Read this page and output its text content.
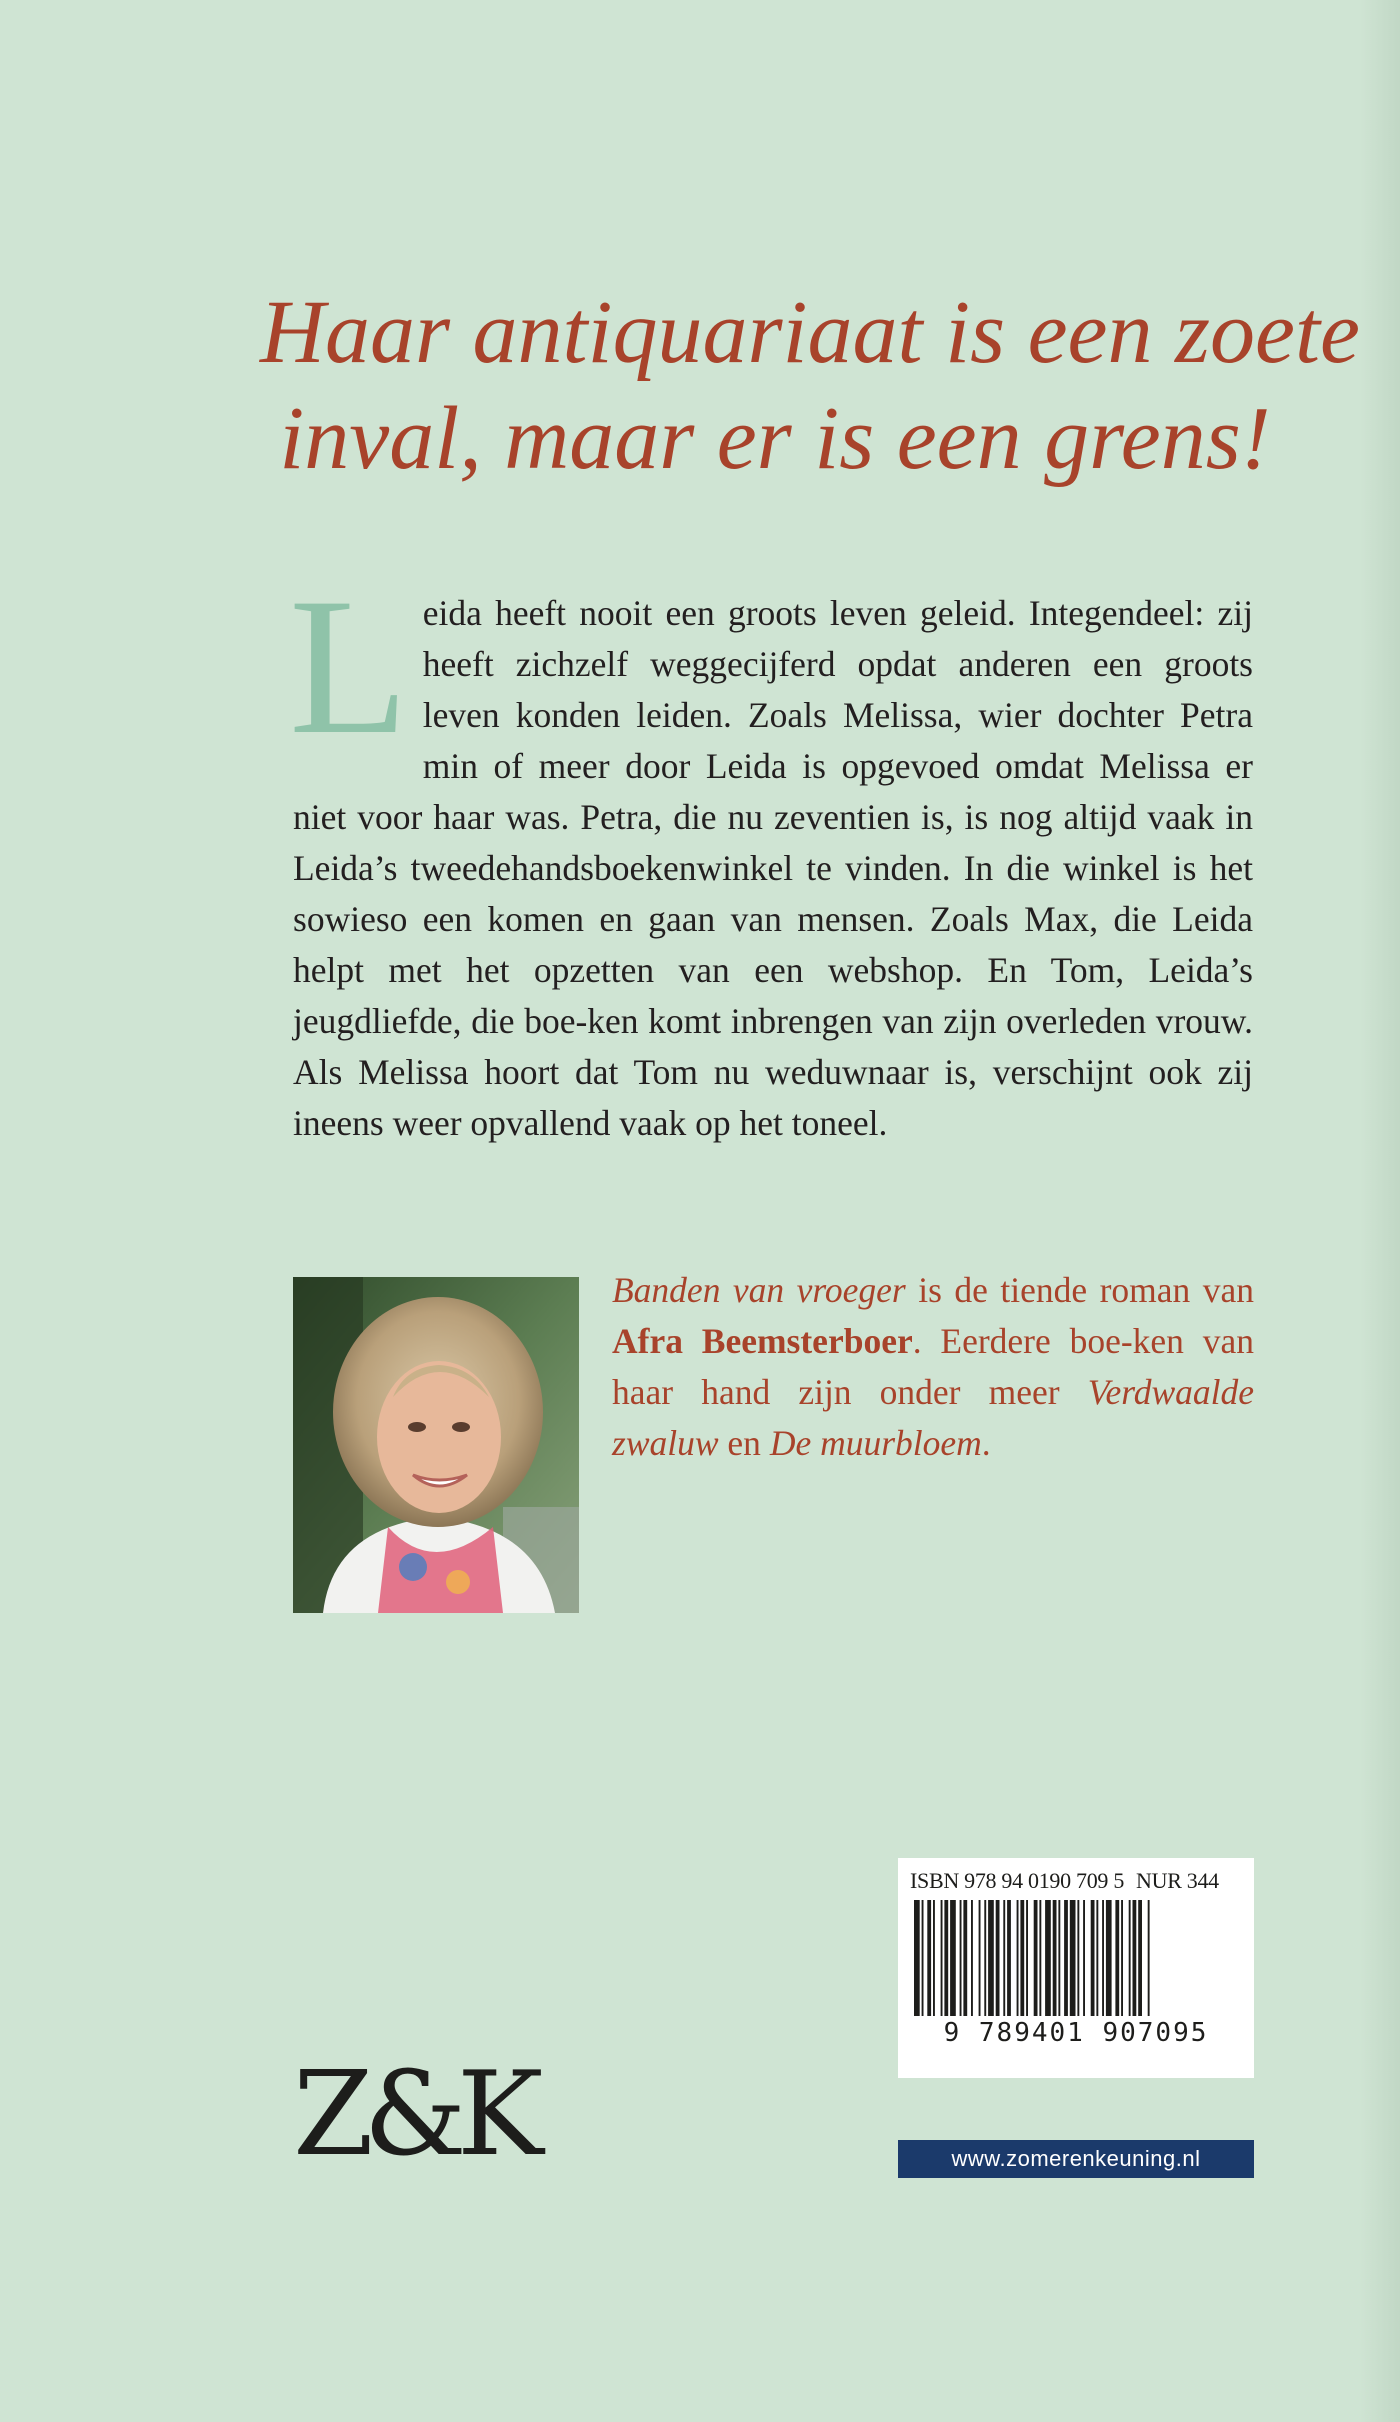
Haar antiquariaat is een zoete
inval, maar er is een grens!
L eida heeft nooit een groots leven geleid. Integendeel: zij heeft zichzelf weggecijferd opdat anderen een groots leven konden leiden. Zoals Melissa, wier dochter Petra min of meer door Leida is opgevoed omdat Melissa er niet voor haar was. Petra, die nu zeventien is, is nog altijd vaak in Leida’s tweedehandsboekenwinkel te vinden. In die winkel is het sowieso een komen en gaan van mensen. Zoals Max, die Leida helpt met het opzetten van een webshop. En Tom, Leida’s jeugdliefde, die boe-ken komt inbrengen van zijn overleden vrouw. Als Melissa hoort dat Tom nu weduwnaar is, verschijnt ook zij ineens weer opvallend vaak op het toneel.
Banden van vroeger is de tiende roman van Afra Beemsterboer. Eerdere boe-ken van haar hand zijn onder meer Verdwaalde zwaluw en De muurbloem.
Z&K
ISBN 978 94 0190 709 5 NUR 344
9 789401 907095
www.zomerenkeuning.nl
